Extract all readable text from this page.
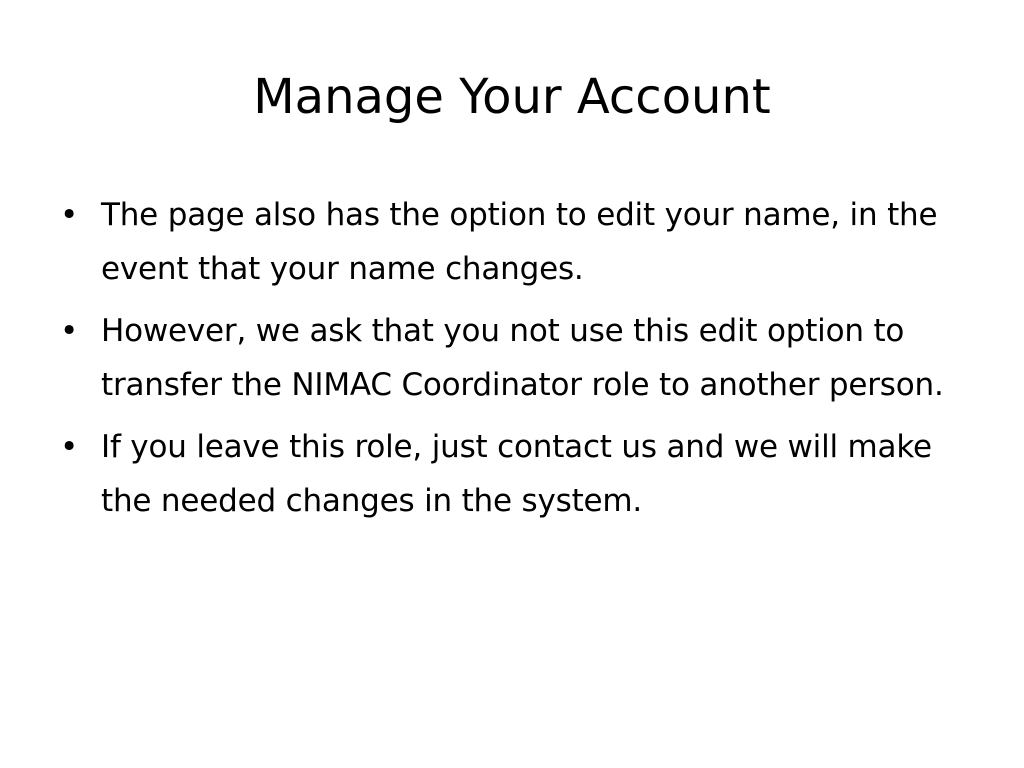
Manage Your Account
• The page also has the option to edit your name, in the event that your name changes.
• However, we ask that you not use this edit option to transfer the NIMAC Coordinator role to another person.
• If you leave this role, just contact us and we will make the needed changes in the system.
